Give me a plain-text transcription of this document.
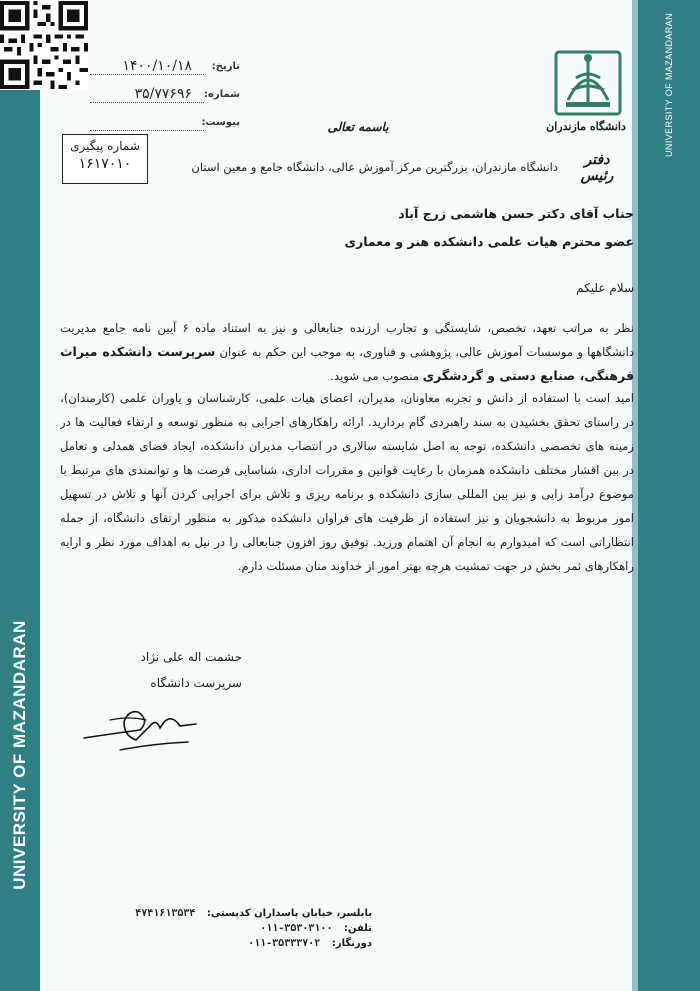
UNIVERSITY OF MAZANDARAN
UNIVERSITY OF MAZANDARAN
تاریخ:
۱۴۰۰/۱۰/۱۸
شماره:
۳۵/۷۷۶۹۶
پیوست:
شماره پیگیری
۱۶۱۷۰۱۰
باسمه تعالی	دانشگاه مازندران
دفتر رئیس
دانشگاه مازندران، بزرگترین مرکز آموزش عالی، دانشگاه جامع و معین استان
جناب آقای دکتر حسن هاشمی زرج آباد
عضو محترم هیات علمی دانشکده هنر و معماری
سلام علیکم
نظر به مراتب تعهد، تخصص، شایستگی و تجارب ارزنده جنابعالی و نیز به استناد ماده ۶ آیین نامه جامع مدیریت
دانشگاهها و موسسات آموزش عالی، پژوهشی و فناوری، به موجب این حکم به عنوان سرپرست دانشکده میراث
فرهنگی، صنایع دستی و گردشگری منصوب می شوید.
امید است با استفاده از دانش و تجربه معاونان، مدیران، اعضای هیات علمی، کارشناسان و یاوران علمی (کارمندان)،
در راستای تحقق بخشیدن به سند راهبردی گام بردارید. ارائه راهکارهای اجرایی به منظور توسعه و ارتقاء فعالیت ها در
زمینه های تخصصی دانشکده، توجه به اصل شایسته سالاری در انتصاب مدیران دانشکده، ایجاد فضای همدلی و تعامل
در بین اقشار مختلف دانشکده همزمان با رعایت قوانین و مقررات اداری، شناسایی فرصت ها و توانمندی های مرتبط با
موضوع درآمد زایی و نیز بین المللی سازی دانشکده و برنامه ریزی و تلاش برای اجرایی کردن آنها و تلاش در تسهیل
امور مربوط به دانشجویان و نیز استفاده از ظرفیت های فراوان دانشکده مذکور به منظور ارتقای دانشگاه، از جمله
انتظاراتی است که امیدوارم به انجام آن اهتمام ورزید. توفیق روز افزون جنابعالی را در نیل به اهداف مورد نظر و ارایه
راهکارهای ثمر بخش در جهت تمشیت هرچه بهتر امور از خداوند منان مسئلت دارم.
حشمت اله علی نژاد
سرپرست دانشگاه
بابلسر، خیابان پاسداران کدپستی: ۴۷۴۱۶۱۳۵۳۴
تلفن: ۰۱۱-۳۵۳۰۳۱۰۰
دورنگار: ۰۱۱-۳۵۳۳۳۷۰۲
